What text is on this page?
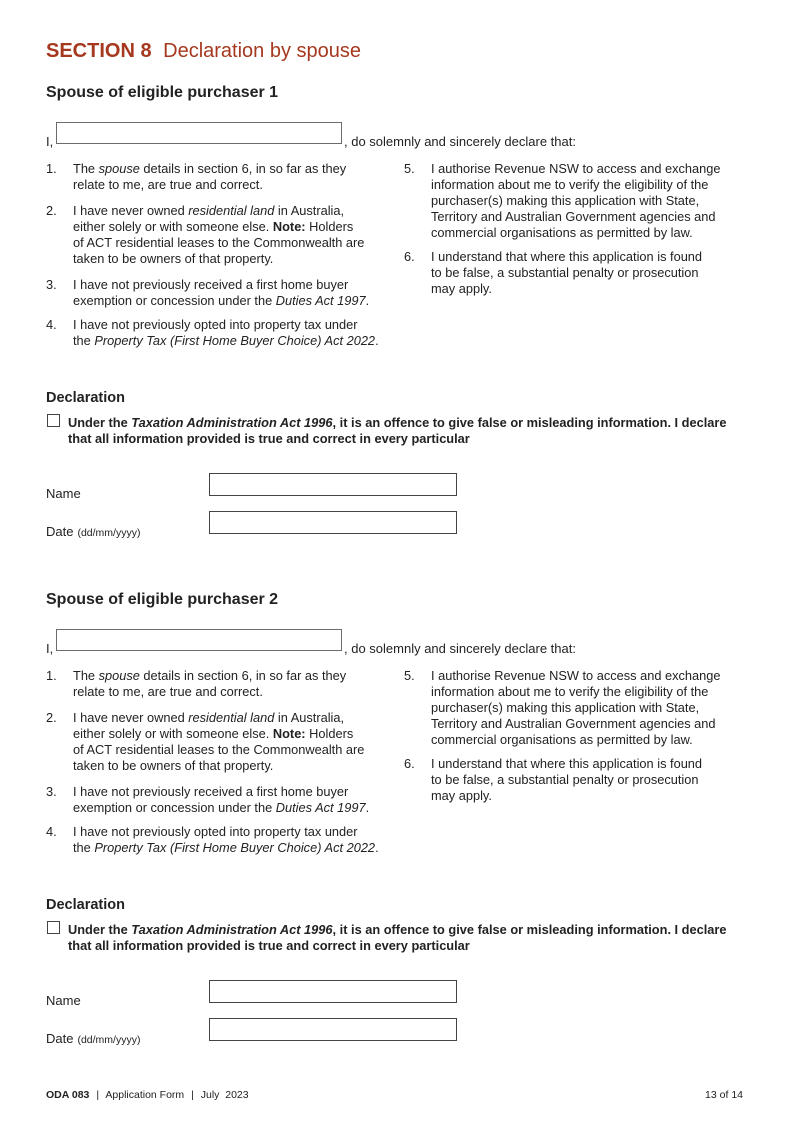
SECTION 8 Declaration by spouse
Spouse of eligible purchaser 1
I,	, do solemnly and sincerely declare that:
1. The spouse details in section 6, in so far as they
relate to me, are true and correct.
2. I have never owned residential land in Australia,
either solely or with someone else. Note: Holders
of ACT residential leases to the Commonwealth are
taken to be owners of that property.
3. I have not previously received a first home buyer
exemption or concession under the Duties Act 1997.
4. I have not previously opted into property tax under
the Property Tax (First Home Buyer Choice) Act 2022.
5. I authorise Revenue NSW to access and exchange
information about me to verify the eligibility of the
purchaser(s) making this application with State,
Territory and Australian Government agencies and
commercial organisations as permitted by law.
6. I understand that where this application is found
to be false, a substantial penalty or prosecution
may apply.
Declaration
Under the Taxation Administration Act 1996, it is an offence to give false or misleading information. I declare
that all information provided is true and correct in every particular
Name
Date (dd/mm/yyyy)
Spouse of eligible purchaser 2
I,	, do solemnly and sincerely declare that:
1. The spouse details in section 6, in so far as they
relate to me, are true and correct.
2. I have never owned residential land in Australia,
either solely or with someone else. Note: Holders
of ACT residential leases to the Commonwealth are
taken to be owners of that property.
3. I have not previously received a first home buyer
exemption or concession under the Duties Act 1997.
4. I have not previously opted into property tax under
the Property Tax (First Home Buyer Choice) Act 2022.
5. I authorise Revenue NSW to access and exchange
information about me to verify the eligibility of the
purchaser(s) making this application with State,
Territory and Australian Government agencies and
commercial organisations as permitted by law.
6. I understand that where this application is found
to be false, a substantial penalty or prosecution
may apply.
Declaration
Under the Taxation Administration Act 1996, it is an offence to give false or misleading information. I declare
that all information provided is true and correct in every particular
Name
Date (dd/mm/yyyy)
ODA 083 | Application Form | July  2023	13 of 14
